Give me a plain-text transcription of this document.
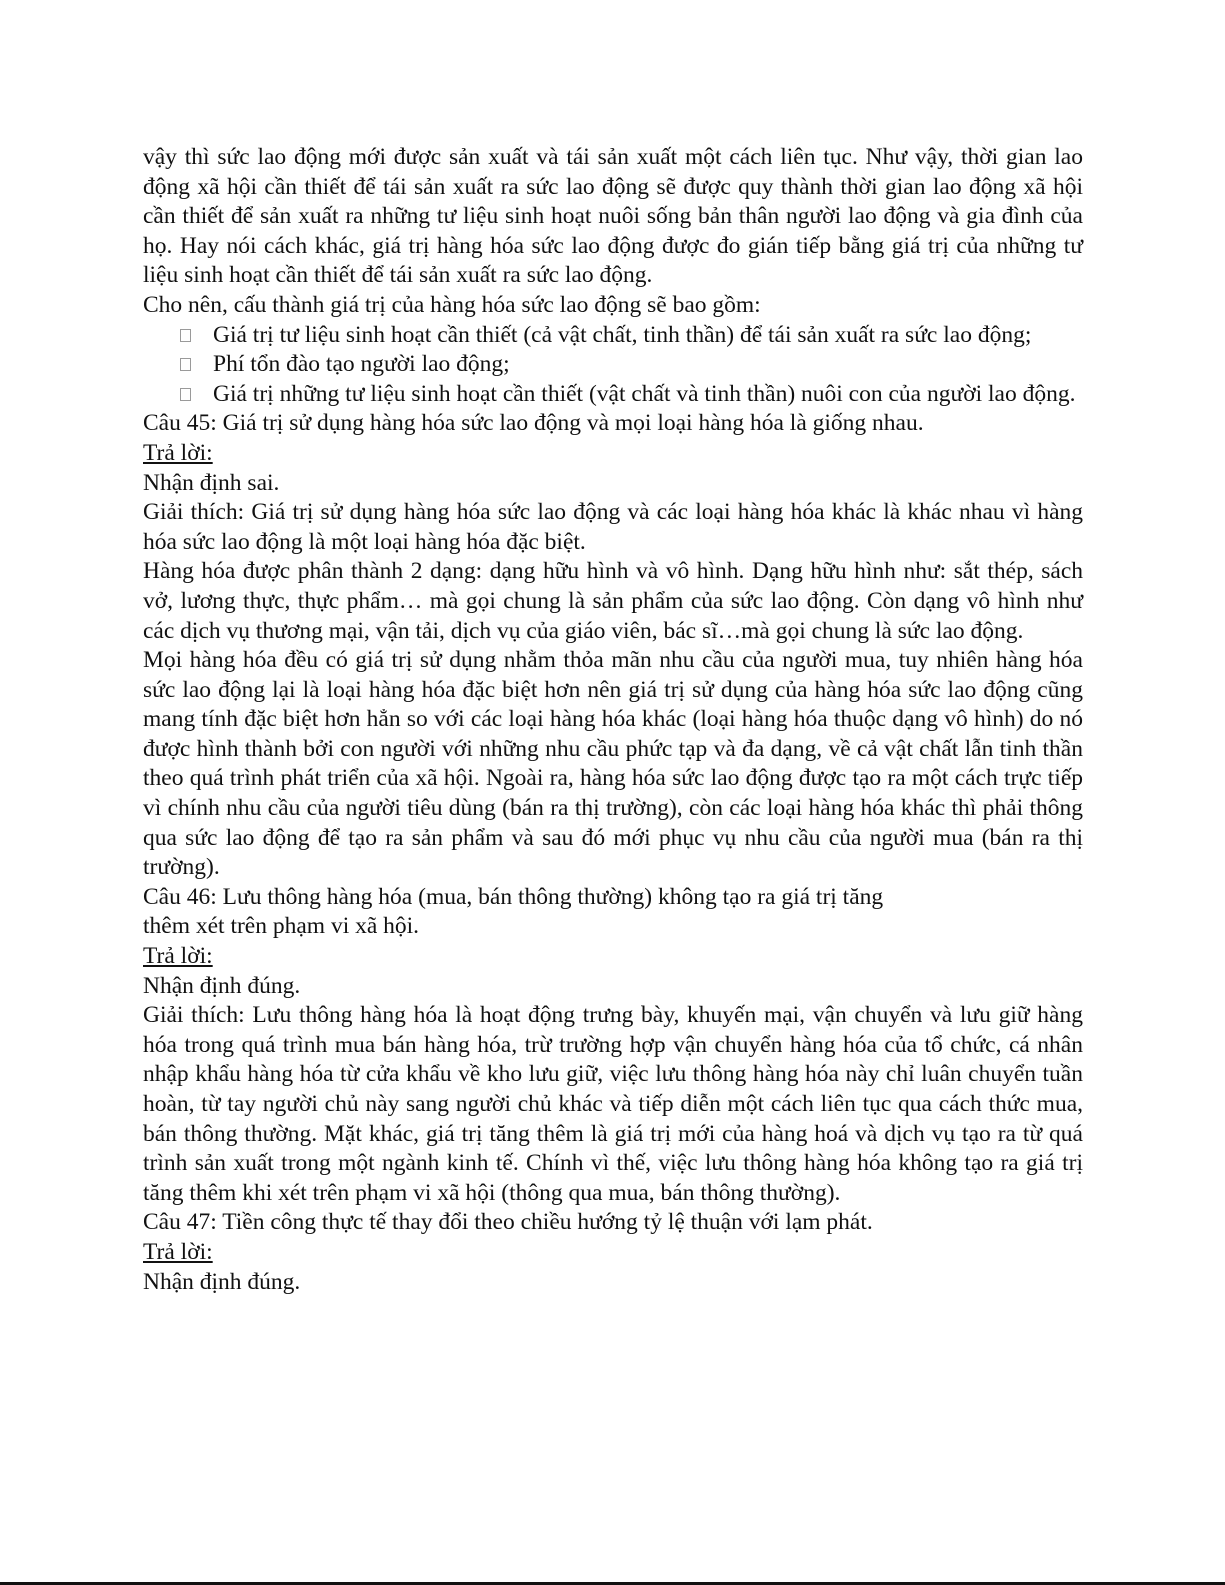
vậy thì sức lao động mới được sản xuất và tái sản xuất một cách liên tục. Như vậy, thời gian lao động xã hội cần thiết để tái sản xuất ra sức lao động sẽ được quy thành thời gian lao động xã hội cần thiết để sản xuất ra những tư liệu sinh hoạt nuôi sống bản thân người lao động và gia đình của họ. Hay nói cách khác, giá trị hàng hóa sức lao động được đo gián tiếp bằng giá trị của những tư liệu sinh hoạt cần thiết để tái sản xuất ra sức lao động.

Cho nên, cấu thành giá trị của hàng hóa sức lao động sẽ bao gồm:

Giá trị tư liệu sinh hoạt cần thiết (cả vật chất, tinh thần) để tái sản xuất ra sức lao động;
Phí tổn đào tạo người lao động;
Giá trị những tư liệu sinh hoạt cần thiết (vật chất và tinh thần) nuôi con của người lao động.

Câu 45: Giá trị sử dụng hàng hóa sức lao động và mọi loại hàng hóa là giống nhau.

Trả lời:

Nhận định sai.

Giải thích: Giá trị sử dụng hàng hóa sức lao động và các loại hàng hóa khác là khác nhau vì hàng hóa sức lao động là một loại hàng hóa đặc biệt.

Hàng hóa được phân thành 2 dạng: dạng hữu hình và vô hình. Dạng hữu hình như: sắt thép, sách vở, lương thực, thực phẩm… mà gọi chung là sản phẩm của sức lao động. Còn dạng vô hình như các dịch vụ thương mại, vận tải, dịch vụ của giáo viên, bác sĩ…mà gọi chung là sức lao động.

Mọi hàng hóa đều có giá trị sử dụng nhằm thỏa mãn nhu cầu của người mua, tuy nhiên hàng hóa sức lao động lại là loại hàng hóa đặc biệt hơn nên giá trị sử dụng của hàng hóa sức lao động cũng mang tính đặc biệt hơn hẳn so với các loại hàng hóa khác (loại hàng hóa thuộc dạng vô hình) do nó được hình thành bởi con người với những nhu cầu phức tạp và đa dạng, về cả vật chất lẫn tinh thần theo quá trình phát triển của xã hội. Ngoài ra, hàng hóa sức lao động được tạo ra một cách trực tiếp vì chính nhu cầu của người tiêu dùng (bán ra thị trường), còn các loại hàng hóa khác thì phải thông qua sức lao động để tạo ra sản phẩm và sau đó mới phục vụ nhu cầu của người mua (bán ra thị trường).

Câu 46: Lưu thông hàng hóa (mua, bán thông thường) không tạo ra giá trị tăng

thêm xét trên phạm vi xã hội.

Trả lời:

Nhận định đúng.

Giải thích: Lưu thông hàng hóa là hoạt động trưng bày, khuyến mại, vận chuyển và lưu giữ hàng hóa trong quá trình mua bán hàng hóa, trừ trường hợp vận chuyển hàng hóa của tổ chức, cá nhân nhập khẩu hàng hóa từ cửa khẩu về kho lưu giữ, việc lưu thông hàng hóa này chỉ luân chuyển tuần hoàn, từ tay người chủ này sang người chủ khác và tiếp diễn một cách liên tục qua cách thức mua, bán thông thường. Mặt khác, giá trị tăng thêm là giá trị mới của hàng hoá và dịch vụ tạo ra từ quá trình sản xuất trong một ngành kinh tế. Chính vì thế, việc lưu thông hàng hóa không tạo ra giá trị tăng thêm khi xét trên phạm vi xã hội (thông qua mua, bán thông thường).

Câu 47: Tiền công thực tế thay đổi theo chiều hướng tỷ lệ thuận với lạm phát.

Trả lời:

Nhận định đúng.
